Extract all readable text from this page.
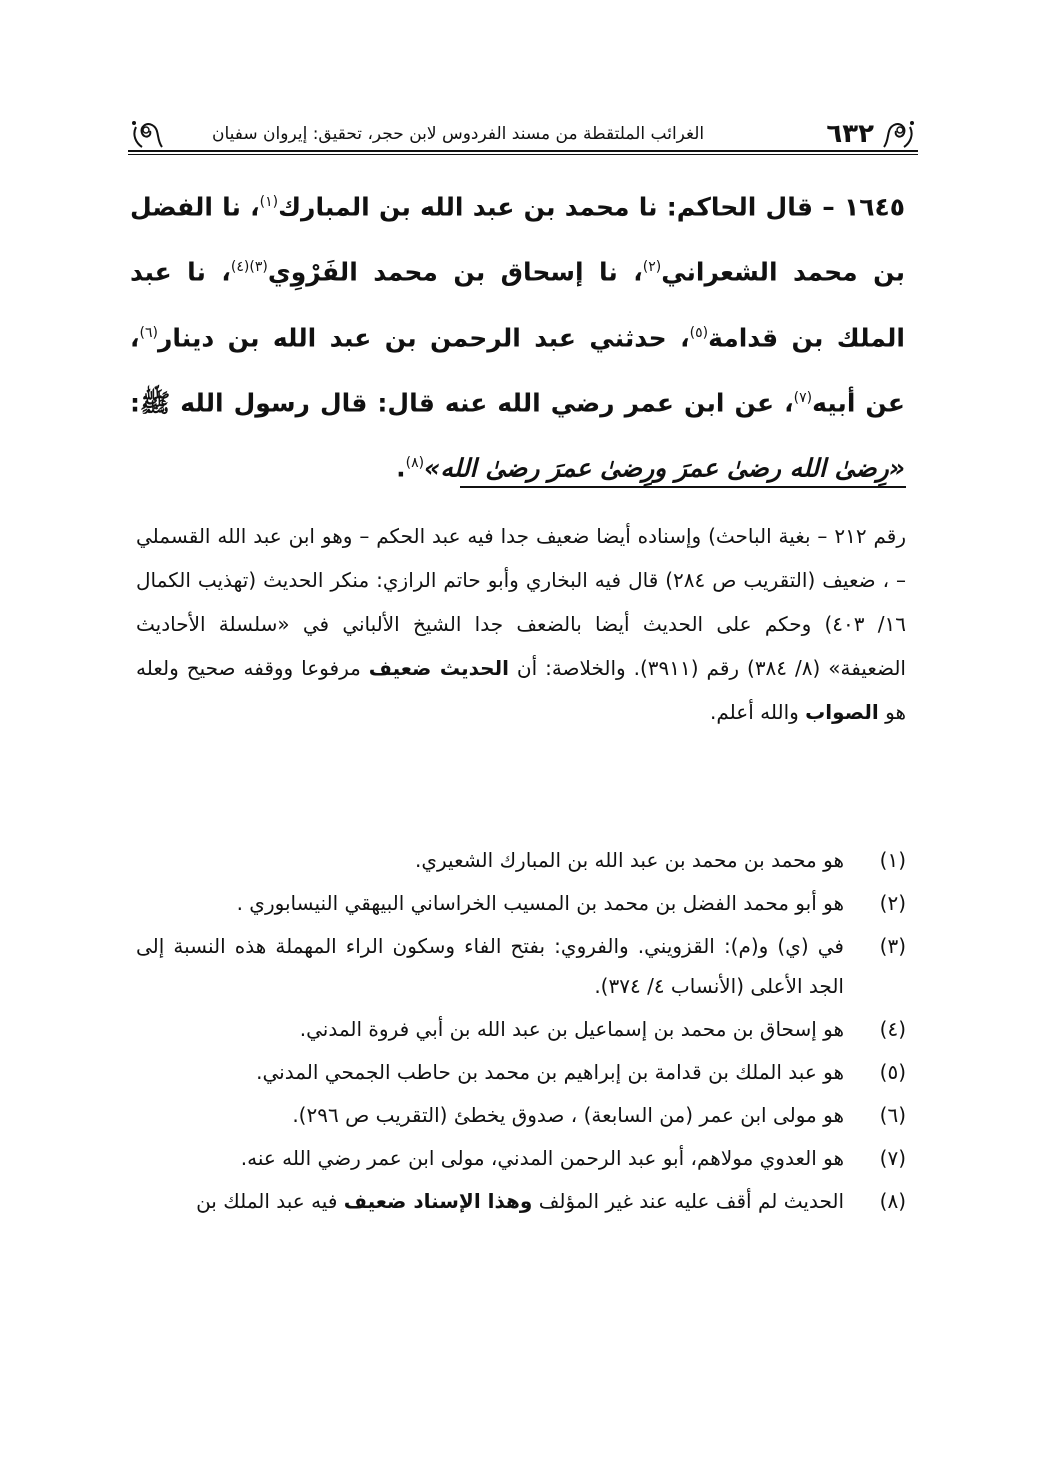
٦٣٢
الغرائب الملتقطة من مسند الفردوس لابن حجر، تحقيق: إيروان سفيان
١٦٤٥ – قال الحاكم: نا محمد بن عبد الله بن المبارك$^{(١)}$، نا الفضل بن محمد الشعراني$^{(٢)}$، نا إسحاق بن محمد الفَرْوِي$^{(٣)(٤)}$، نا عبد الملك بن قدامة$^{(٥)}$، حدثني عبد الرحمن بن عبد الله بن دينار$^{(٦)}$، عن أبيه$^{(٧)}$، عن ابن عمر رضي الله عنه قال: قال رسول الله ﷺ: «رِضىٰ الله رضىٰ عمرَ ورِضىٰ عمرَ رضىٰ الله»$^{(٨)}$.
رقم ٢١٢ – بغية الباحث) وإسناده أيضا ضعيف جدا فيه عبد الحكم – وهو ابن عبد الله القسملي – ، ضعيف (التقريب ص ٢٨٤) قال فيه البخاري وأبو حاتم الرازي: منكر الحديث (تهذيب الكمال ١٦/ ٤٠٣) وحكم على الحديث أيضا بالضعف جدا الشيخ الألباني في «سلسلة الأحاديث الضعيفة» (٨/ ٣٨٤) رقم (٣٩١١). والخلاصة: أن الحديث ضعيف مرفوعا ووقفه صحيح ولعله هو الصواب والله أعلم.
(١)
هو محمد بن محمد بن عبد الله بن المبارك الشعيري.
(٢)
هو أبو محمد الفضل بن محمد بن المسيب الخراساني البيهقي النيسابوري .
(٣)
في (ي) و(م): القزويني. والفروي: بفتح الفاء وسكون الراء المهملة هذه النسبة إلى الجد الأعلى (الأنساب ٤/ ٣٧٤).
(٤)
هو إسحاق بن محمد بن إسماعيل بن عبد الله بن أبي فروة المدني.
(٥)
هو عبد الملك بن قدامة بن إبراهيم بن محمد بن حاطب الجمحي المدني.
(٦)
هو مولى ابن عمر (من السابعة) ، صدوق يخطئ (التقريب ص ٢٩٦).
(٧)
هو العدوي مولاهم، أبو عبد الرحمن المدني، مولى ابن عمر رضي الله عنه.
(٨)
الحديث لم أقف عليه عند غير المؤلف وهذا الإسناد ضعيف فيه عبد الملك بن
